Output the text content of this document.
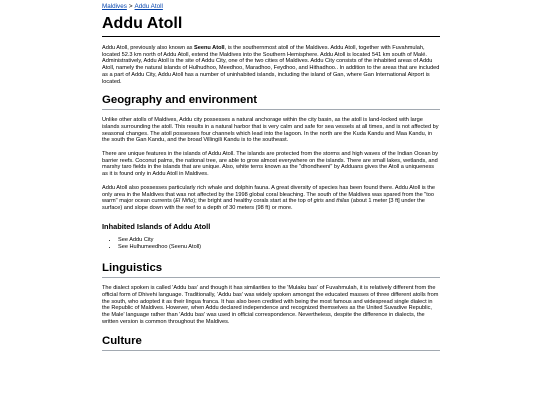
Maldives > Addu Atoll
Addu Atoll

Addu Atoll, previously also known as Seenu Atoll, is the southernmost atoll of the Maldives. Addu Atoll, together with Fuvahmulah, located 52.3 km north of Addu Atoll, extend the Maldives into the Southern Hemisphere. Addu Atoll is located 541 km south of Malé. Administratively, Addu Atoll is the site of Addu City, one of the two cities of Maldives. Addu City consists of the inhabited areas of Addu Atoll, namely the natural islands of Hulhudhoo, Meedhoo, Maradhoo, Feydhoo, and Hithadhoo.. In addition to the areas that are included as a part of Addu City, Addu Atoll has a number of uninhabited islands, including the island of Gan, where Gan International Airport is located.

Geography and environment

Unlike other atolls of Maldives, Addu city possesses a natural anchorage within the city basin, as the atoll is land-locked with large islands surrounding the atoll. This results in a natural harbor that is very calm and safe for sea vessels at all times, and is not affected by seasonal changes. The atoll possesses four channels which lead into the lagoon. In the north are the Kuda Kandu and Maa Kandu, in the south the Gan Kandu, and the broad Villingili Kandu is to the southeast.

There are unique features in the islands of Addu Atoll. The islands are protected from the storms and high waves of the Indian Ocean by barrier reefs. Coconut palms, the national tree, are able to grow almost everywhere on the islands. There are small lakes, wetlands, and marshy taro fields in the islands that are unique. Also, white terns known as the "dhondheeni" by Adduans gives the Atoll a uniqueness as it is found only in Addu Atoll in Maldives.

Addu Atoll also possesses particularly rich whale and dolphin fauna. A great diversity of species has been found there. Addu Atoll is the only area in the Maldives that was not affected by the 1998 global coral bleaching. The south of the Maldives was spared from the "too warm" major ocean currents (El Niño); the bright and healthy corals start at the top of giris and thilas (about 1 meter [3 ft] under the surface) and slope down with the reef to a depth of 30 meters (98 ft) or more.

Inhabited Islands of Addu Atoll
• See Addu City
• See Hulhumeedhoo (Seenu Atoll)
Linguistics

The dialect spoken is called 'Addu bas' and though it has similarities to the 'Mulaku bas' of Fuvahmulah, it is relatively different from the official form of Dhivehi language. Traditionally, 'Addu bas' was widely spoken amongst the educated masses of three different atolls from the south, who adopted it as their lingua franca. It has also been credited with being the most famous and widespread single dialect in the Republic of Maldives. However, when Addu declared independence and recognized themselves as the United Suvadive Republic, the Male' language rather than 'Addu bas' was used in official correspondence. Nevertheless, despite the difference in dialects, the written version is common throughout the Maldives.

Culture
